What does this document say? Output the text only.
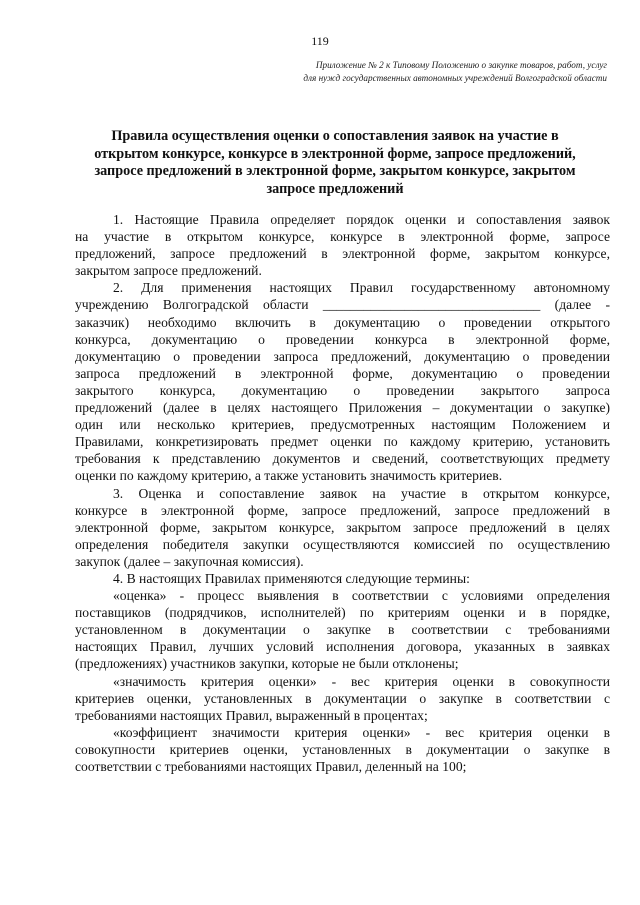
119
Приложение № 2 к Типовому Положению о закупке товаров, работ, услуг
для нужд государственных автономных учреждений Волгоградской области
Правила осуществления оценки о сопоставления заявок на участие в
открытом конкурсе, конкурсе в электронной форме, запросе предложений,
запросе предложений в электронной форме, закрытом конкурсе, закрытом
запросе предложений

1. Настоящие Правила определяет порядок оценки и сопоставления заявок
на участие в открытом конкурсе, конкурсе в электронной форме, запросе
предложений, запросе предложений в электронной форме, закрытом конкурсе,
закрытом запросе предложений.

2. Для применения настоящих Правил государственному автономному
учреждению Волгоградской области ________________________________ (далее -
заказчик) необходимо включить в документацию о проведении открытого
конкурса, документацию о проведении конкурса в электронной форме,
документацию о проведении запроса предложений, документацию о проведении
запроса предложений в электронной форме, документацию о проведении
закрытого конкурса, документацию о проведении закрытого запроса
предложений (далее в целях настоящего Приложения – документации о закупке)
один или несколько критериев, предусмотренных настоящим Положением и
Правилами, конкретизировать предмет оценки по каждому критерию, установить
требования к представлению документов и сведений, соответствующих предмету
оценки по каждому критерию, а также установить значимость критериев.

3. Оценка и сопоставление заявок на участие в открытом конкурсе,
конкурсе в электронной форме, запросе предложений, запросе предложений в
электронной форме, закрытом конкурсе, закрытом запросе предложений в целях
определения победителя закупки осуществляются комиссией по осуществлению
закупок (далее – закупочная комиссия).

4. В настоящих Правилах применяются следующие термины:

«оценка» - процесс выявления в соответствии с условиями определения
поставщиков (подрядчиков, исполнителей) по критериям оценки и в порядке,
установленном в документации о закупке в соответствии с требованиями
настоящих Правил, лучших условий исполнения договора, указанных в заявках
(предложениях) участников закупки, которые не были отклонены;

«значимость критерия оценки» - вес критерия оценки в совокупности
критериев оценки, установленных в документации о закупке в соответствии с
требованиями настоящих Правил, выраженный в процентах;

«коэффициент значимости критерия оценки» - вес критерия оценки в
совокупности критериев оценки, установленных в документации о закупке в
соответствии с требованиями настоящих Правил, деленный на 100;
